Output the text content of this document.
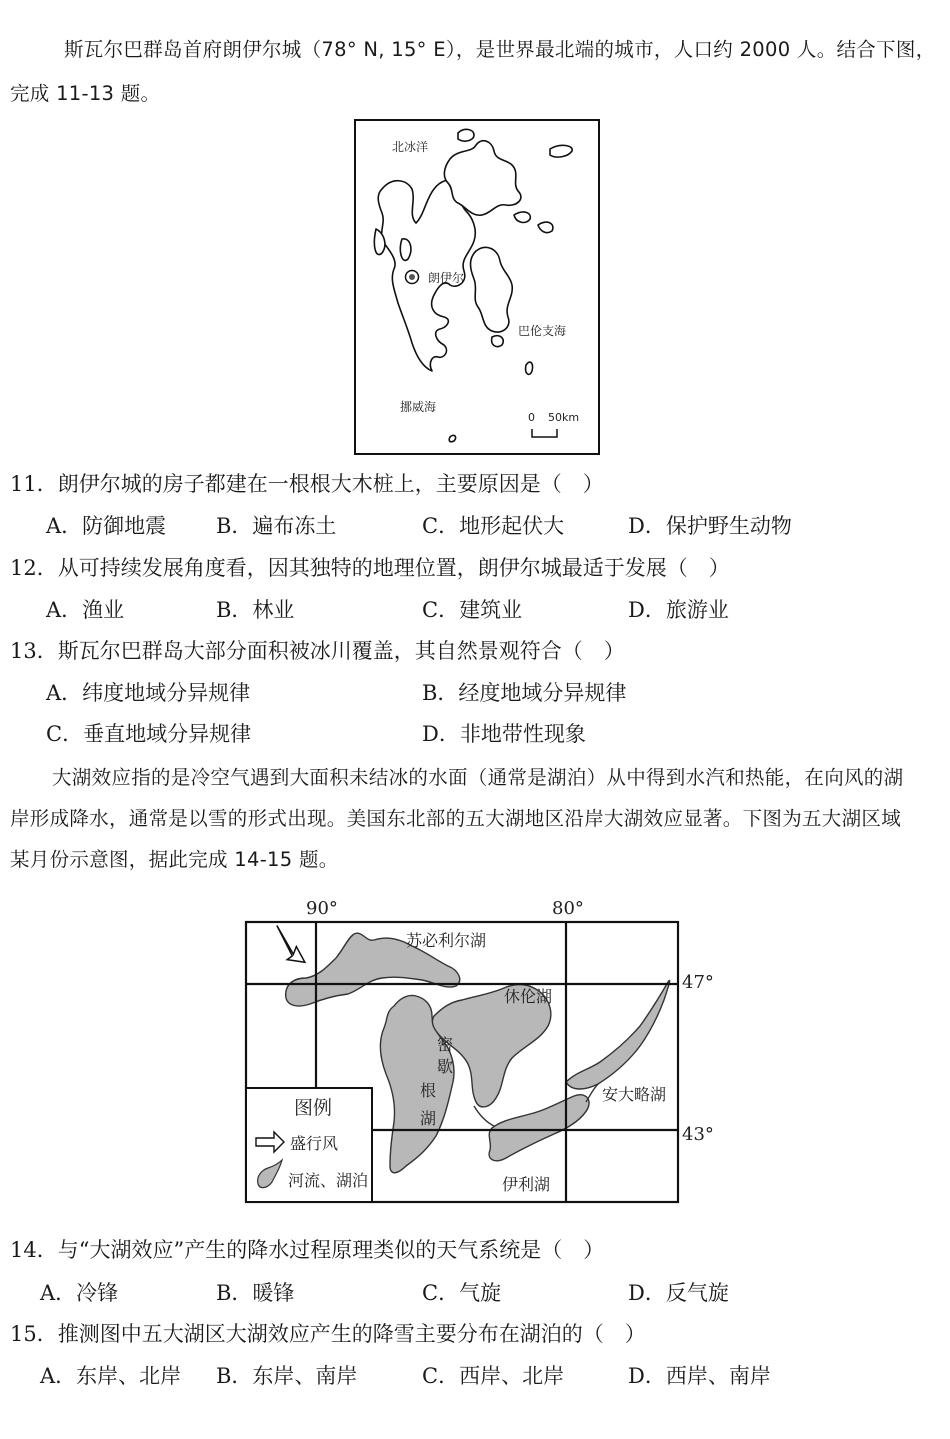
斯瓦尔巴群岛首府朗伊尔城（78° N, 15° E），是世界最北端的城市，人口约 2000 人。结合下图，
完成 11-13 题。
北冰洋
朗伊尔
巴伦支海
挪威海
0 50km
11．朗伊尔城的房子都建在一根根大木桩上，主要原因是（　）
A．防御地震 B．遍布冻土	C．地形起伏大	D．保护野生动物
12．从可持续发展角度看，因其独特的地理位置，朗伊尔城最适于发展（　）
A．渔业	B．林业	C．建筑业	D．旅游业
13．斯瓦尔巴群岛大部分面积被冰川覆盖，其自然景观符合（　）
A．纬度地域分异规律	B．经度地域分异规律
C．垂直地域分异规律	D．非地带性现象
大湖效应指的是冷空气遇到大面积未结冰的水面（通常是湖泊）从中得到水汽和热能，在向风的湖
岸形成降水，通常是以雪的形式出现。美国东北部的五大湖地区沿岸大湖效应显著。下图为五大湖区域
某月份示意图，据此完成 14-15 题。
90°	80°
47°
43°
苏必利尔湖
休伦湖
密
歇
根
湖
安大略湖
伊利湖
图例
盛行风
河流、湖泊
14．与“大湖效应”产生的降水过程原理类似的天气系统是（　）
A．冷锋	B．暖锋	C．气旋	D．反气旋
15．推测图中五大湖区大湖效应产生的降雪主要分布在湖泊的（　）
A．东岸、北岸 B．东岸、南岸	C．西岸、北岸	D．西岸、南岸
